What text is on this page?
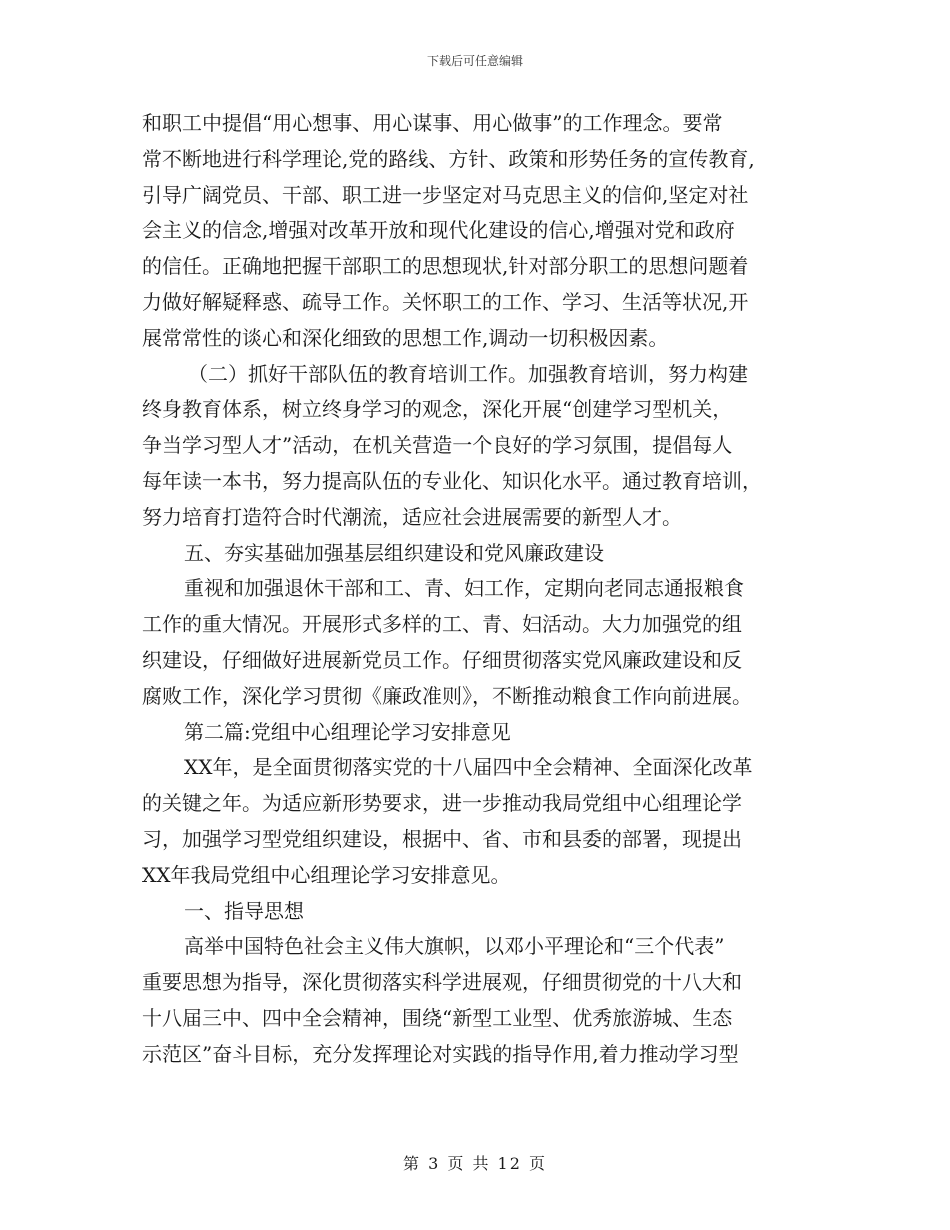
下载后可任意编辑
和职工中提倡“用心想事、用心谋事、用心做事”的工作理念。要常
常不断地进行科学理论,党的路线、方针、政策和形势任务的宣传教育,
引导广阔党员、干部、职工进一步坚定对马克思主义的信仰,坚定对社
会主义的信念,增强对改革开放和现代化建设的信心,增强对党和政府
的信任。正确地把握干部职工的思想现状,针对部分职工的思想问题着
力做好解疑释惑、疏导工作。关怀职工的工作、学习、生活等状况,开
展常常性的谈心和深化细致的思想工作,调动一切积极因素。
（二）抓好干部队伍的教育培训工作。加强教育培训，努力构建
终身教育体系，树立终身学习的观念，深化开展“创建学习型机关，
争当学习型人才”活动，在机关营造一个良好的学习氛围，提倡每人
每年读一本书，努力提高队伍的专业化、知识化水平。通过教育培训，
努力培育打造符合时代潮流，适应社会进展需要的新型人才。
五、夯实基础加强基层组织建设和党风廉政建设
重视和加强退休干部和工、青、妇工作，定期向老同志通报粮食
工作的重大情况。开展形式多样的工、青、妇活动。大力加强党的组
织建设，仔细做好进展新党员工作。仔细贯彻落实党风廉政建设和反
腐败工作，深化学习贯彻《廉政准则》，不断推动粮食工作向前进展。
第二篇:党组中心组理论学习安排意见
XX年，是全面贯彻落实党的十八届四中全会精神、全面深化改革
的关键之年。为适应新形势要求，进一步推动我局党组中心组理论学
习，加强学习型党组织建设，根据中、省、市和县委的部署，现提出
XX年我局党组中心组理论学习安排意见。
一、指导思想
高举中国特色社会主义伟大旗帜，以邓小平理论和“三个代表”
重要思想为指导，深化贯彻落实科学进展观，仔细贯彻党的十八大和
十八届三中、四中全会精神，围绕“新型工业型、优秀旅游城、生态
示范区”奋斗目标，充分发挥理论对实践的指导作用,着力推动学习型
第 3 页 共 12 页
